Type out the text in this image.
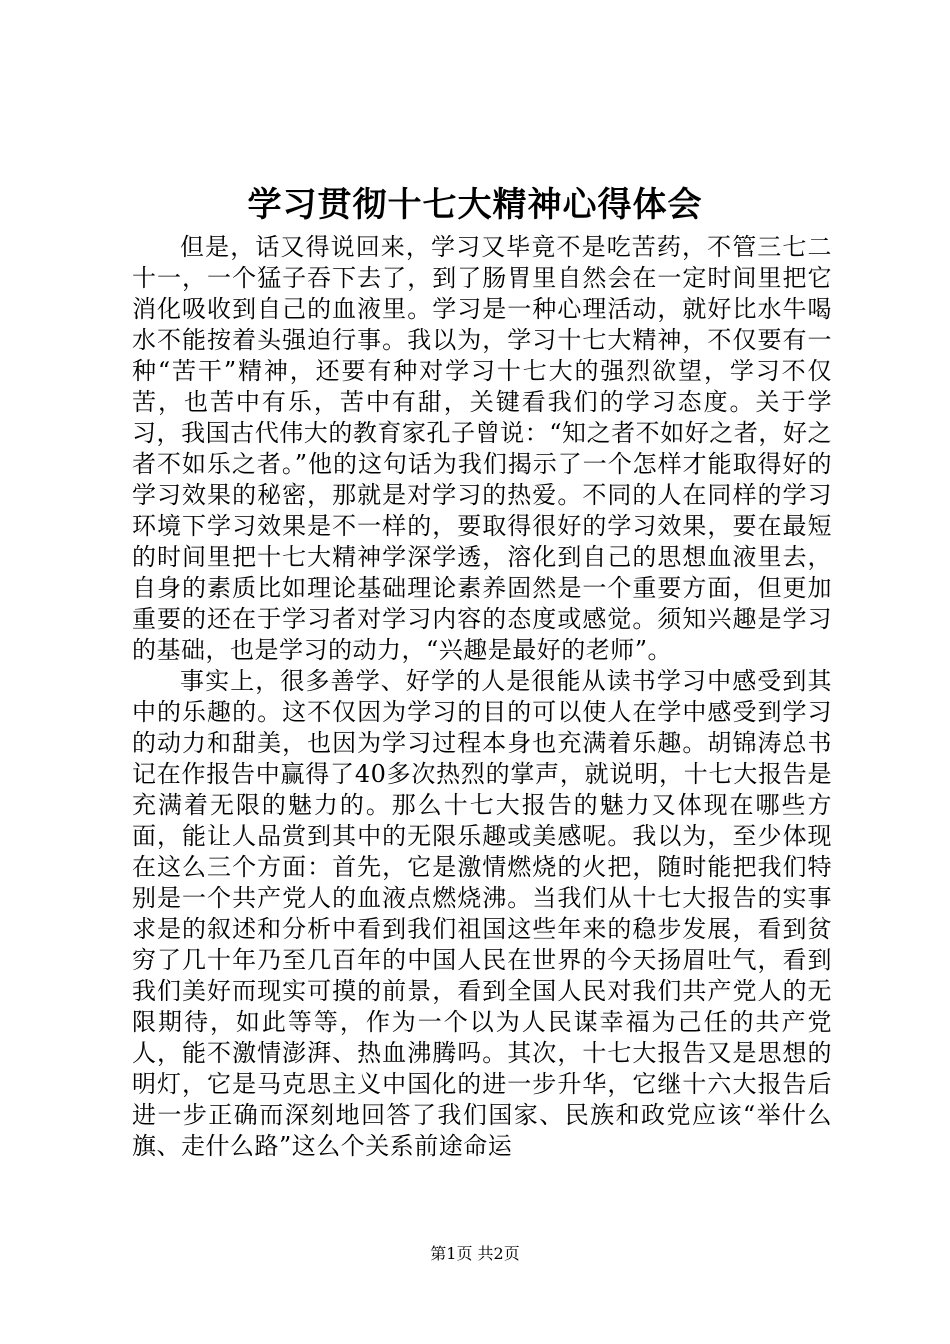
学习贯彻十七大精神心得体会

但是，话又得说回来，学习又毕竟不是吃苦药，不管三七二十一，一个猛子吞下去了，到了肠胃里自然会在一定时间里把它消化吸收到自己的血液里。学习是一种心理活动，就好比水牛喝水不能按着头强迫行事。我以为，学习十七大精神，不仅要有一种“苦干”精神，还要有种对学习十七大的强烈欲望，学习不仅苦，也苦中有乐，苦中有甜，关键看我们的学习态度。关于学习，我国古代伟大的教育家孔子曾说：“知之者不如好之者，好之者不如乐之者。”他的这句话为我们揭示了一个怎样才能取得好的学习效果的秘密，那就是对学习的热爱。不同的人在同样的学习环境下学习效果是不一样的，要取得很好的学习效果，要在最短的时间里把十七大精神学深学透，溶化到自己的思想血液里去，自身的素质比如理论基础理论素养固然是一个重要方面，但更加重要的还在于学习者对学习内容的态度或感觉。须知兴趣是学习的基础，也是学习的动力，“兴趣是最好的老师”。

事实上，很多善学、好学的人是很能从读书学习中感受到其中的乐趣的。这不仅因为学习的目的可以使人在学中感受到学习的动力和甜美，也因为学习过程本身也充满着乐趣。胡锦涛总书记在作报告中赢得了40多次热烈的掌声，就说明，十七大报告是充满着无限的魅力的。那么十七大报告的魅力又体现在哪些方面，能让人品赏到其中的无限乐趣或美感呢。我以为，至少体现在这么三个方面：首先，它是激情燃烧的火把，随时能把我们特别是一个共产党人的血液点燃烧沸。当我们从十七大报告的实事求是的叙述和分析中看到我们祖国这些年来的稳步发展，看到贫穷了几十年乃至几百年的中国人民在世界的今天扬眉吐气，看到我们美好而现实可摸的前景，看到全国人民对我们共产党人的无限期待，如此等等，作为一个以为人民谋幸福为己任的共产党人，能不激情澎湃、热血沸腾吗。其次，十七大报告又是思想的明灯，它是马克思主义中国化的进一步升华，它继十六大报告后进一步正确而深刻地回答了我们国家、民族和政党应该“举什么旗、走什么路”这么个关系前途命运

第1页 共2页
